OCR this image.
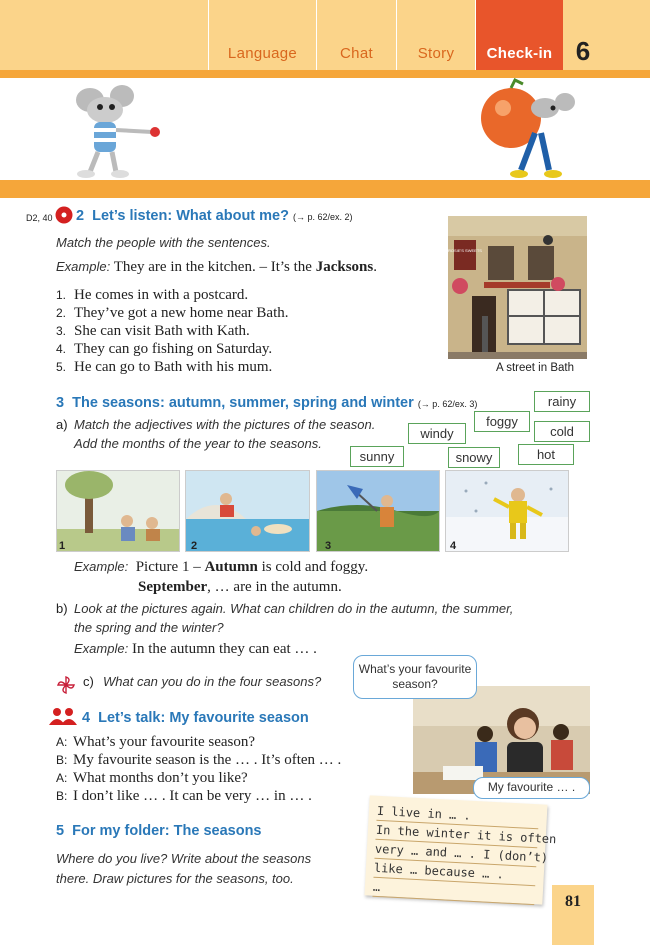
Language	Chat	Story	Check-in 6
D2, 40 2 Let’s listen: What about me? (→ p. 62/ex. 2)
Match the people with the sentences.
Example: They are in the kitchen. – It’s the Jacksons.
1. He comes in with a postcard.
2. They’ve got a new home near Bath.
3. She can visit Bath with Kath.
4. They can go fishing on Saturday.
5. He can go to Bath with his mum.
ROSIE'S SWEETS
A street in Bath
3 The seasons: autumn, summer, spring and winter (→ p. 62/ex. 3)
a) Match the adjectives with the pictures of the season.
Add the months of the year to the seasons.
rainy
windy
foggy
cold
sunny	snowy	hot
1	2	3	4
Example: Picture 1 – Autumn is cold and foggy.
September, … are in the autumn.
b) Look at the pictures again. What can children do in the autumn, the summer,
the spring and the winter?
Example: In the autumn they can eat … .
c) What can you do in the four seasons?
4 Let’s talk: My favourite season
A: What’s your favourite season?
B: My favourite season is the … . It’s often … .
A: What months don’t you like?
B: I don’t like … . It can be very … in … .
What’s your favourite season?
My favourite … .
5 For my folder: The seasons
Where do you live? Write about the seasons
there. Draw pictures for the seasons, too.
I live in … .
In the winter it is often
very … and … . I (don’t)
like … because … .
…
81
